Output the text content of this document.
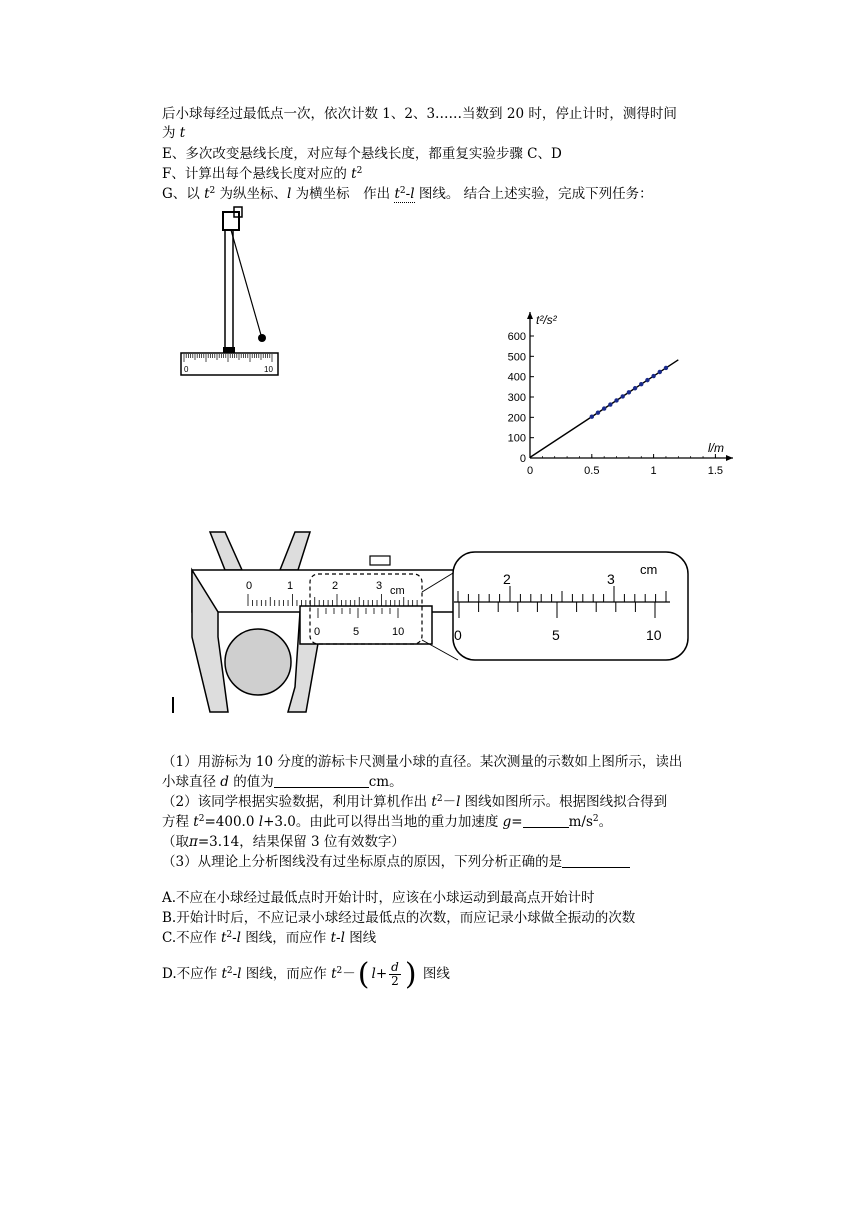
后小球每经过最低点一次，依次计数 1、2、3……当数到 20 时，停止计时，测得时间
为 t
E、多次改变悬线长度，对应每个悬线长度，都重复实验步骤 C、D
F、计算出每个悬线长度对应的 $t^2$
G、以 $t^2$ 为纵坐标、l 为横坐标　作出 $t^2-l$ 图线。 结合上述实验，完成下列任务：
0	10
0
100
200
300
400
500
600
0	0.5	1	1.5
t²/s²
l/m
cm
2	3
0	5	10
0	1	2	3 cm
0	5	10
（1）用游标为 10 分度的游标卡尺测量小球的直径。某次测量的示数如上图所示，读出
小球直径 d 的值为	cm。
（2）该同学根据实验数据，利用计算机作出 $t^2-l$ 图线如图所示。根据图线拟合得到
方程 $t^2=400.0$ l+3.0。由此可以得出当地的重力加速度 g=	$m/s^2$。
（取π=3.14，结果保留 3 位有效数字）
（3）从理论上分析图线没有过坐标原点的原因，下列分析正确的是
A.不应在小球经过最低点时开始计时，应该在小球运动到最高点开始计时
B.开始计时后，不应记录小球经过最低点的次数，而应记录小球做全振动的次数
C.不应作 $t^2-l$ 图线，而应作 t-l 图线
D.不应作 $t^2-l$ 图线，而应作 $t^2-$( $l+ \frac{d}{2}$ ) 图线
